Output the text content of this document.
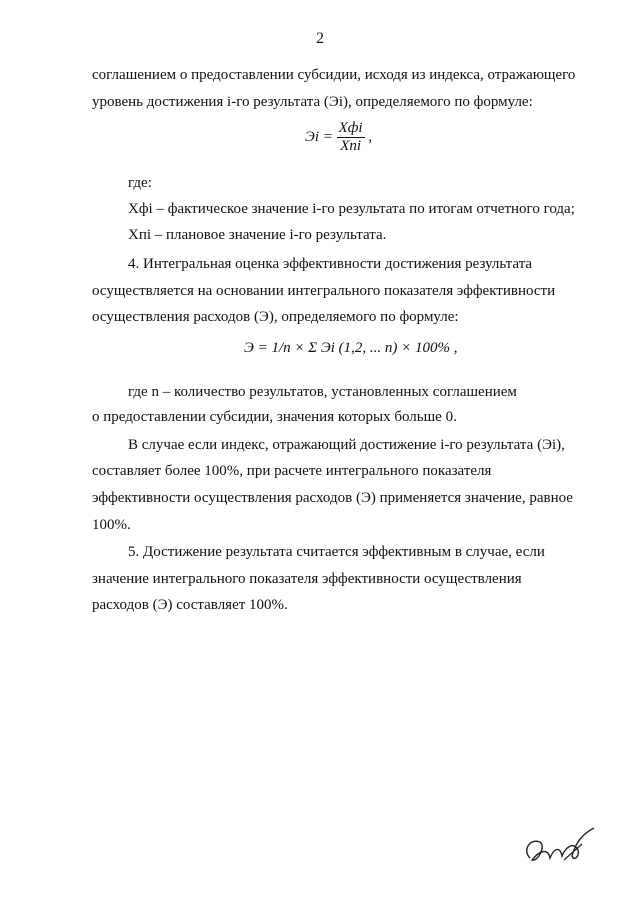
2
соглашением о предоставлении субсидии, исходя из индекса, отражающего
уровень достижения i-го результата (Эi), определяемого по формуле:
Эi = $\frac{\text{Xфi}}{\text{Xпi}}$ ,
где:
Xфi – фактическое значение i-го результата по итогам отчетного года;
Xпi – плановое значение i-го результата.
4. Интегральная оценка эффективности достижения результата
осуществляется на основании интегрального показателя эффективности
осуществления расходов (Э), определяемого по формуле:
Э = 1/n × Σ Эi (1,2, ... n) × 100% ,
где n – количество результатов, установленных соглашением
о предоставлении субсидии, значения которых больше 0.
В случае если индекс, отражающий достижение i-го результата (Эi),
составляет более 100%, при расчете интегрального показателя
эффективности осуществления расходов (Э) применяется значение, равное
100%.
5. Достижение результата считается эффективным в случае, если
значение интегрального показателя эффективности осуществления
расходов (Э) составляет 100%.
